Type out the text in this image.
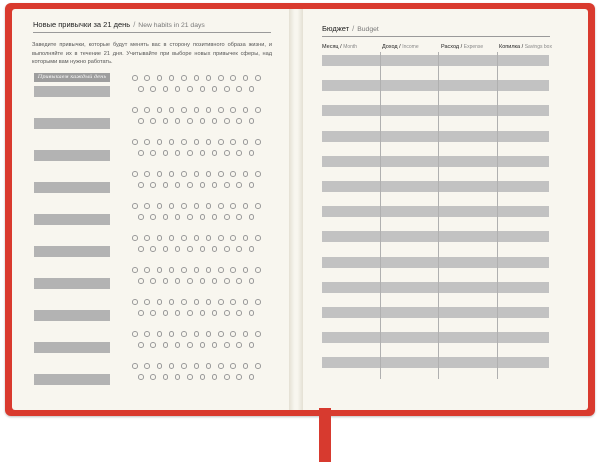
Новые привычки за 21 день / New habits in 21 days
Заведите привычки, которые будут менять вас в сторону позитивного образа жизни, и выполняйте их в течение 21 дня. Учитывайте при выборе новых привычек сферы, над которыми вам нужно работать.
Привыкаем каждый день
Бюджет / Budget
Месяц / Month	Доход / Income	Расход / Expense	Копилка / Savings box
